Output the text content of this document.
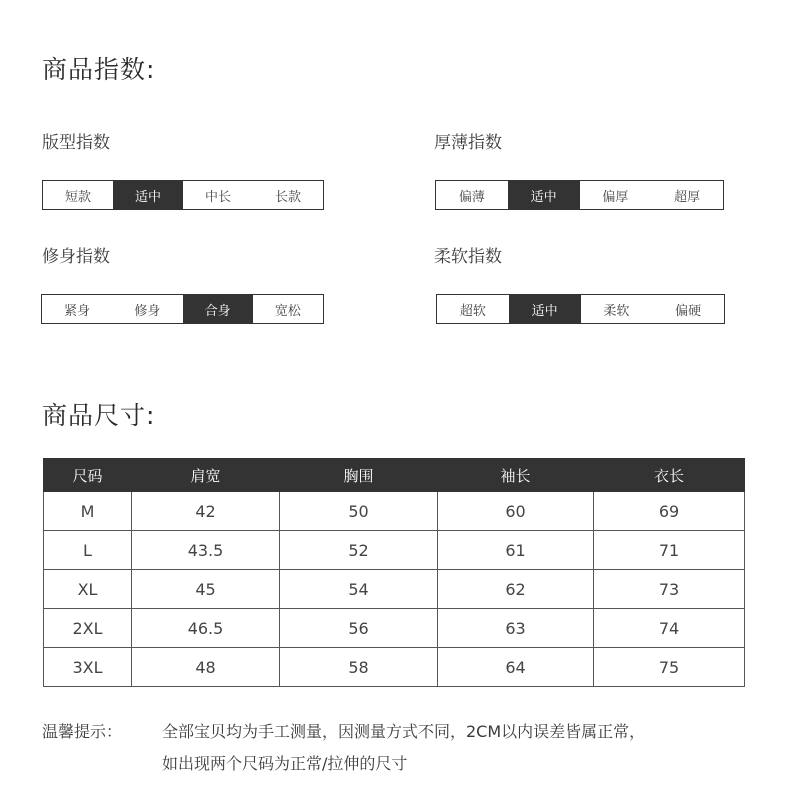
商品指数:

版型指数

短款	适中	中长	长款

厚薄指数

偏薄	适中	偏厚	超厚

修身指数

紧身	修身	合身	宽松

柔软指数

超软	适中	柔软	偏硬
商品尺寸:
尺码	肩宽	胸围	袖长	衣长
M	42	50	60	69
L	43.5	52	61	71
XL	45	54	62	73
2XL	46.5	56	63	74
3XL	48	58	64	75
温馨提示： 全部宝贝均为手工测量，因测量方式不同，2CM以内误差皆属正常，
如出现两个尺码为正常/拉伸的尺寸
